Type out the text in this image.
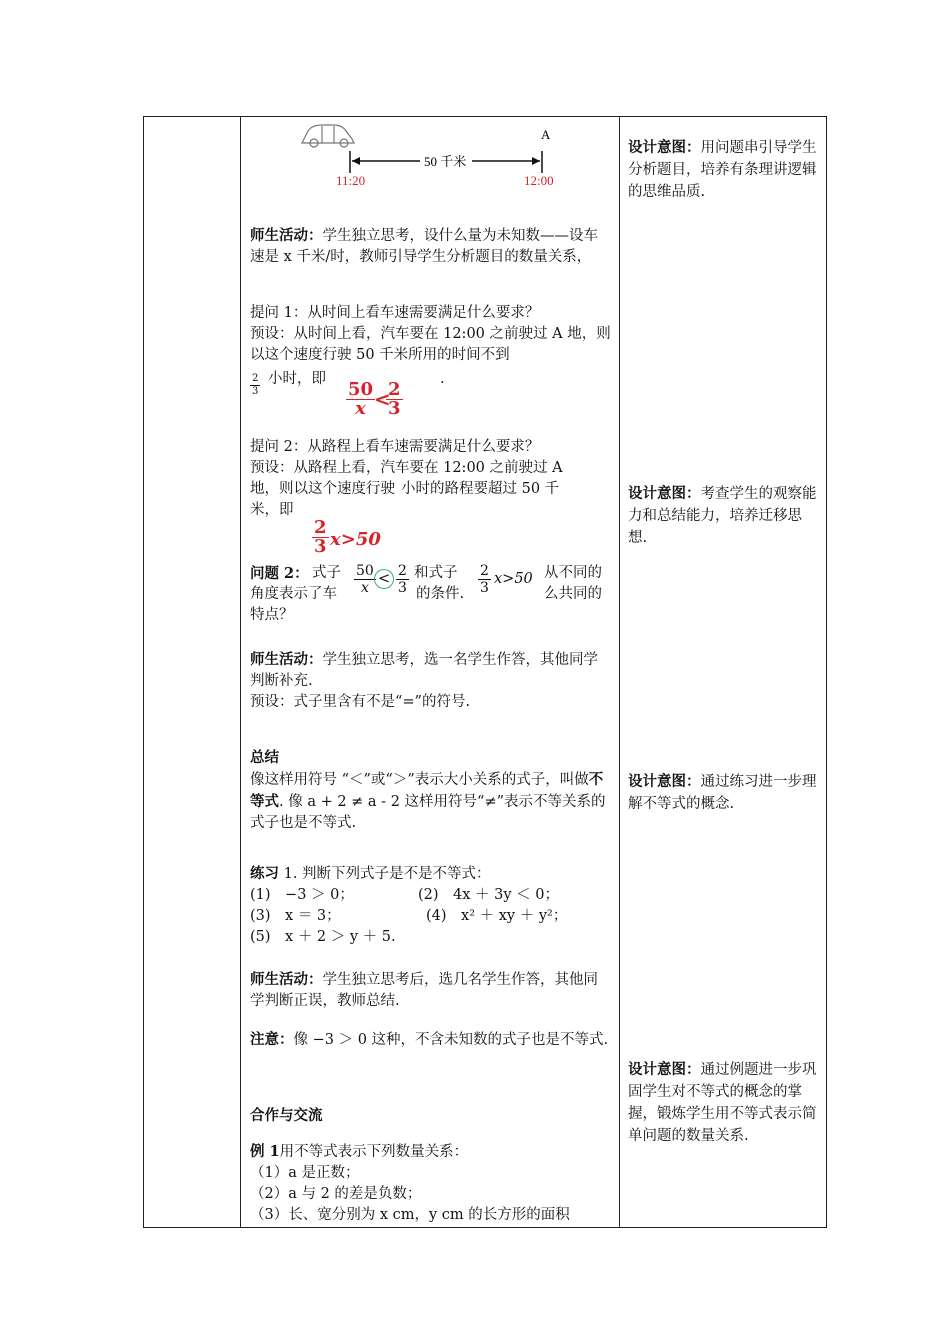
A
50 千米
11:20	12:00
师生活动：学生独立思考，设什么量为未知数——设车速是 x 千米/时，教师引导学生分析题目的数量关系，
提问 1：从时间上看车速需要满足什么要求？
预设：从时间上看，汽车要在 12:00 之前驶过 A 地，则以这个速度行驶 50 千米所用的时间不到
$\frac{2}{3}$ 小时，即	.
$\frac{50}{x}$
<
$\frac{2}{3}$
提问 2：从路程上看车速需要满足什么要求？
预设：从路程上看，汽车要在 12:00 之前驶过 A
地，则以这个速度行驶 小时的路程要超过 50 千
米，即
$\frac{2}{3} x>50$
问题 2： 式子 $\frac{50}{x} < \frac{2}{3}$ 和式子 $\frac{2}{3} x>50$ 从不同的
角度表示了车	的条件.	么共同的
特点？
师生活动：学生独立思考，选一名学生作答，其他同学判断补充.
预设：式子里含有不是“=”的符号.
总结
像这样用符号 “＜”或“＞”表示大小关系的式子，叫做不等式. 像 a + 2 ≠ a - 2 这样用符号“≠”表示不等关系的式子也是不等式.
练习 1. 判断下列式子是不是不等式：
(1)　−3 ＞ 0；	(2)　4x ＋ 3y ＜ 0；
(3)　x ＝ 3；	(4)　x² ＋ xy ＋ y²；
(5)　x ＋ 2 ＞ y ＋ 5.
师生活动：学生独立思考后，选几名学生作答，其他同学判断正误，教师总结.
注意：像 −3 ＞ 0 这种，不含未知数的式子也是不等式.
合作与交流
例 1用不等式表示下列数量关系：
（1）a 是正数；
（2）a 与 2 的差是负数；
（3）长、宽分别为 x cm，y cm 的长方形的面积
设计意图：用问题串引导学生分析题目，培养有条理讲逻辑的思维品质.
设计意图：考查学生的观察能力和总结能力，培养迁移思想.
设计意图：通过练习进一步理解不等式的概念.
设计意图：通过例题进一步巩固学生对不等式的概念的掌握，锻炼学生用不等式表示简单问题的数量关系.
